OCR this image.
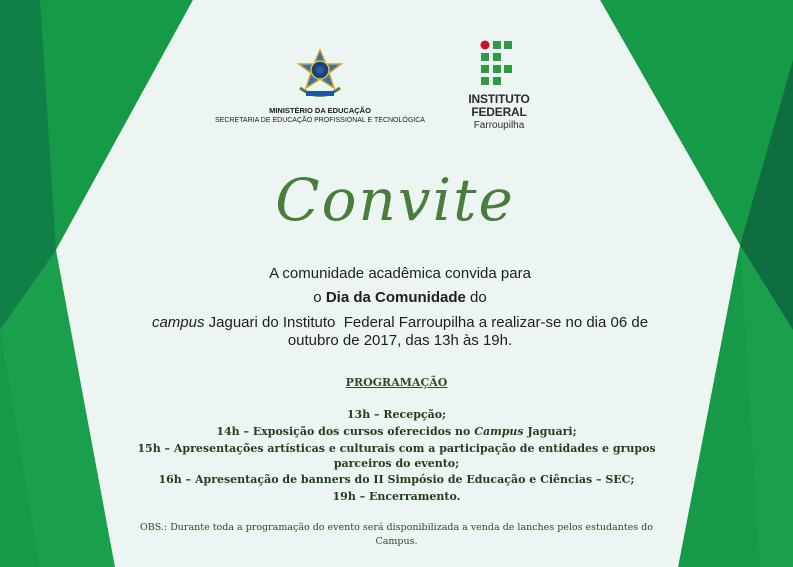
MINISTÉRIO DA EDUCAÇÃO
SECRETARIA DE EDUCAÇÃO PROFISSIONAL E TECNOLÓGICA
INSTITUTO
FEDERAL
Farroupilha
Convite
A comunidade acadêmica convida para
o Dia da Comunidade do
campus Jaguari do Instituto  Federal Farroupilha a realizar-se no dia 06 de
outubro de 2017, das 13h às 19h.
PROGRAMAÇÃO
13h – Recepção;
14h – Exposição dos cursos oferecidos no Campus Jaguari;
15h – Apresentações artísticas e culturais com a participação de entidades e grupos parceiros do evento;
16h – Apresentação de banners do II Simpósio de Educação e Ciências – SEC;
19h – Encerramento.
OBS.: Durante toda a programação do evento será disponibilizada a venda de lanches pelos estudantes do Campus.
